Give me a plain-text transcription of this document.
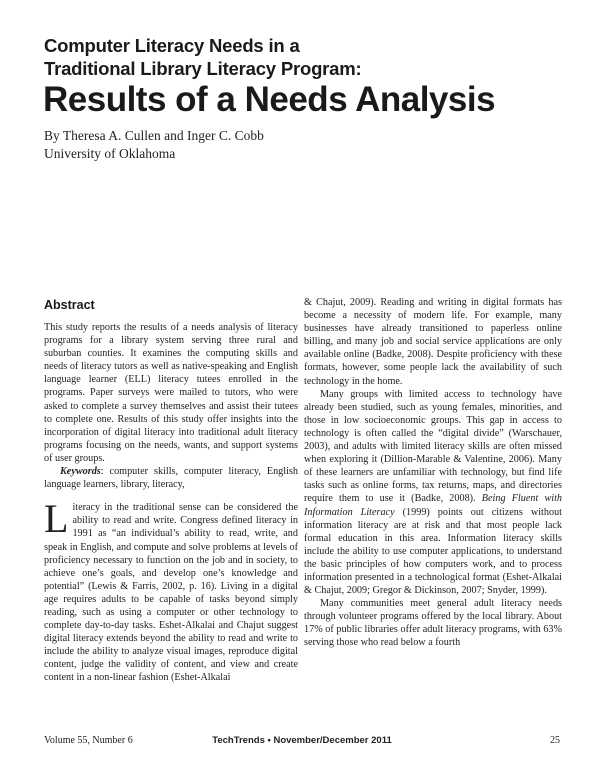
Computer Literacy Needs in a
Traditional Library Literacy Program:
Results of a Needs Analysis
By Theresa A. Cullen and Inger C. Cobb
University of Oklahoma
Abstract

This study reports the results of a needs analysis of literacy programs for a library system serving three rural and suburban counties. It examines the computing skills and needs of literacy tutors as well as native-speaking and English language learner (ELL) literacy tutees enrolled in the programs. Paper surveys were mailed to tutors, who were asked to complete a survey themselves and assist their tutees to complete one. Results of this study offer insights into the incorporation of digital literacy into traditional adult literacy programs focusing on the needs, wants, and support systems of user groups.

Keywords: computer skills, computer literacy, English language learners, library, literacy,

Literacy in the traditional sense can be considered the ability to read and write. Congress defined literacy in 1991 as “an individual’s ability to read, write, and speak in English, and compute and solve problems at levels of proficiency necessary to function on the job and in society, to achieve one’s goals, and develop one’s knowledge and potential” (Lewis & Farris, 2002, p. 16). Living in a digital age requires adults to be capable of tasks beyond simply reading, such as using a computer or other technology to complete day-to-day tasks. Eshet-Alkalai and Chajut suggest digital literacy extends beyond the ability to read and write to include the ability to analyze visual images, reproduce digital content, judge the validity of content, and view and create content in a non-linear fashion (Eshet-Alkalai

& Chajut, 2009). Reading and writing in digital formats has become a necessity of modern life. For example, many businesses have already transitioned to paperless online billing, and many job and social service applications are only available online (Badke, 2008). Despite proficiency with these formats, however, some people lack the availability of such technology in the home.

Many groups with limited access to technology have already been studied, such as young females, minorities, and those in low socioeconomic groups. This gap in access to technology is often called the “digital divide” (Warschauer, 2003), and adults with limited literacy skills are often missed when exploring it (Dillion-Marable & Valentine, 2006). Many of these learners are unfamiliar with technology, but find life tasks such as online forms, tax returns, maps, and directories require them to use it (Badke, 2008). Being Fluent with Information Literacy (1999) points out citizens without information literacy are at risk and that most people lack formal education in this area. Information literacy skills include the ability to use computer applications, to understand the basic principles of how computers work, and to process information presented in a technological format (Eshet-Alkalai & Chajut, 2009; Gregor & Dickinson, 2007; Snyder, 1999).

Many communities meet general adult literacy needs through volunteer programs offered by the local library. About 17% of public libraries offer adult literacy programs, with 63% serving those who read below a fourth

Volume 55, Number 6	TechTrends • November/December 2011	25
